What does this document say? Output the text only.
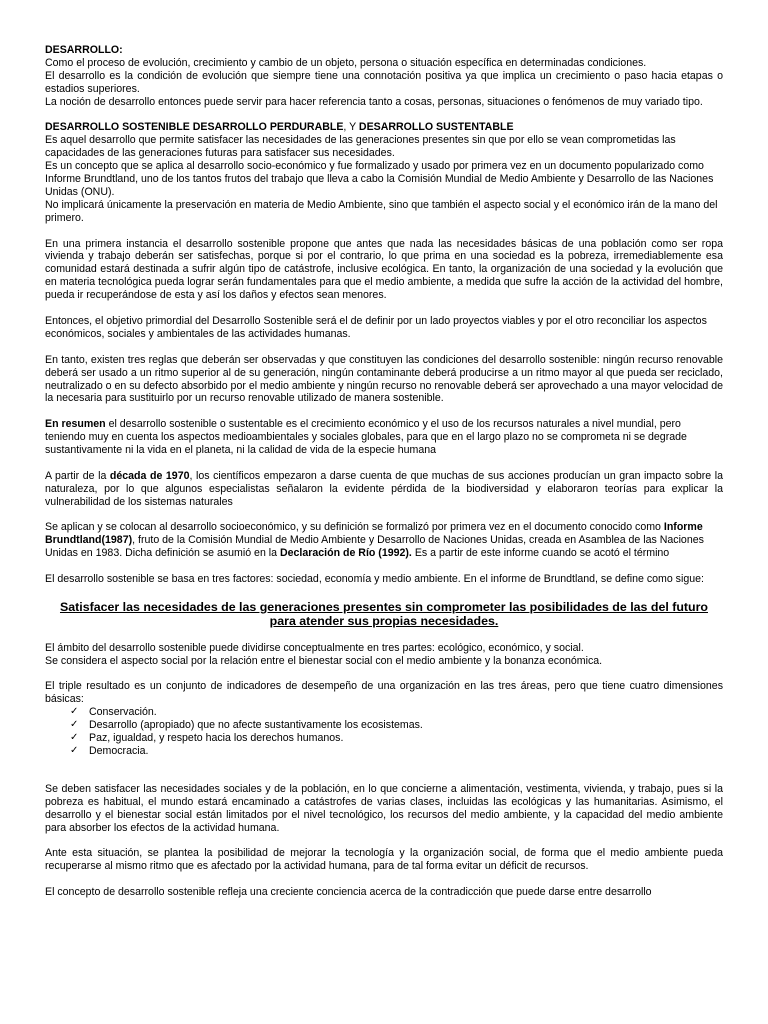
DESARROLLO:

Como el proceso de evolución, crecimiento y cambio de un objeto, persona o situación específica en determinadas condiciones.

El desarrollo es la condición de evolución que siempre tiene una connotación positiva ya que implica un crecimiento o paso hacia etapas o estadios superiores.

La noción de desarrollo entonces puede servir para hacer referencia tanto a cosas, personas, situaciones o fenómenos de muy variado tipo.

DESARROLLO SOSTENIBLE DESARROLLO PERDURABLE, Y DESARROLLO SUSTENTABLE

Es aquel desarrollo que permite satisfacer las necesidades de las generaciones presentes sin que por ello se vean comprometidas las capacidades de las generaciones futuras para satisfacer sus necesidades.

Es un concepto que se aplica al desarrollo socio-económico y fue formalizado y usado por primera vez en un documento popularizado como Informe Brundtland, uno de los tantos frutos del trabajo que lleva a cabo la Comisión Mundial de Medio Ambiente y Desarrollo de las Naciones Unidas (ONU).

No implicará únicamente la preservación en materia de Medio Ambiente, sino que también el aspecto social y el económico irán de la mano del primero.

En una primera instancia el desarrollo sostenible propone que antes que nada las necesidades básicas de una población como ser ropa vivienda y trabajo deberán ser satisfechas, porque si por el contrario, lo que prima en una sociedad es la pobreza, irremediablemente esa comunidad estará destinada a sufrir algún tipo de catástrofe, inclusive ecológica. En tanto, la organización de una sociedad y la evolución que en materia tecnológica pueda lograr serán fundamentales para que el medio ambiente, a medida que sufre la acción de la actividad del hombre, pueda ir recuperándose de esta y así los daños y efectos sean menores.

Entonces, el objetivo primordial del Desarrollo Sostenible será el de definir por un lado proyectos viables y por el otro reconciliar los aspectos económicos, sociales y ambientales de las actividades humanas.

En tanto, existen tres reglas que deberán ser observadas y que constituyen las condiciones del desarrollo sostenible: ningún recurso renovable deberá ser usado a un ritmo superior al de su generación, ningún contaminante deberá producirse a un ritmo mayor al que pueda ser reciclado, neutralizado o en su defecto absorbido por el medio ambiente y ningún recurso no renovable deberá ser aprovechado a una mayor velocidad de la necesaria para sustituirlo por un recurso renovable utilizado de manera sostenible.

En resumen el desarrollo sostenible o sustentable es el crecimiento económico y el uso de los recursos naturales a nivel mundial, pero teniendo muy en cuenta los aspectos medioambientales y sociales globales, para que en el largo plazo no se comprometa ni se degrade sustantivamente ni la vida en el planeta, ni la calidad de vida de la especie humana

A partir de la década de 1970, los científicos empezaron a darse cuenta de que muchas de sus acciones producían un gran impacto sobre la naturaleza, por lo que algunos especialistas señalaron la evidente pérdida de la biodiversidad y elaboraron teorías para explicar la vulnerabilidad de los sistemas naturales

Se aplican y se colocan al desarrollo socioeconómico, y su definición se formalizó por primera vez en el documento conocido como Informe Brundtland(1987), fruto de la Comisión Mundial de Medio Ambiente y Desarrollo de Naciones Unidas, creada en Asamblea de las Naciones Unidas en 1983. Dicha definición se asumió en la Declaración de Río (1992). Es a partir de este informe cuando se acotó el término

El desarrollo sostenible se basa en tres factores: sociedad, economía y medio ambiente. En el informe de Brundtland, se define como sigue:

Satisfacer las necesidades de las generaciones presentes sin comprometer las posibilidades de las del futuro para atender sus propias necesidades.

El ámbito del desarrollo sostenible puede dividirse conceptualmente en tres partes: ecológico, económico, y social.

Se considera el aspecto social por la relación entre el bienestar social con el medio ambiente y la bonanza económica.

El triple resultado es un conjunto de indicadores de desempeño de una organización en las tres áreas, pero que tiene cuatro dimensiones básicas:

✓ Conservación.
✓ Desarrollo (apropiado) que no afecte sustantivamente los ecosistemas.
✓ Paz, igualdad, y respeto hacia los derechos humanos.
✓ Democracia.

Se deben satisfacer las necesidades sociales y de la población, en lo que concierne a alimentación, vestimenta, vivienda, y trabajo, pues si la pobreza es habitual, el mundo estará encaminado a catástrofes de varias clases, incluidas las ecológicas y las humanitarias. Asimismo, el desarrollo y el bienestar social están limitados por el nivel tecnológico, los recursos del medio ambiente, y la capacidad del medio ambiente para absorber los efectos de la actividad humana.

Ante esta situación, se plantea la posibilidad de mejorar la tecnología y la organización social, de forma que el medio ambiente pueda recuperarse al mismo ritmo que es afectado por la actividad humana, para de tal forma evitar un déficit de recursos.

El concepto de desarrollo sostenible refleja una creciente conciencia acerca de la contradicción que puede darse entre desarrollo
